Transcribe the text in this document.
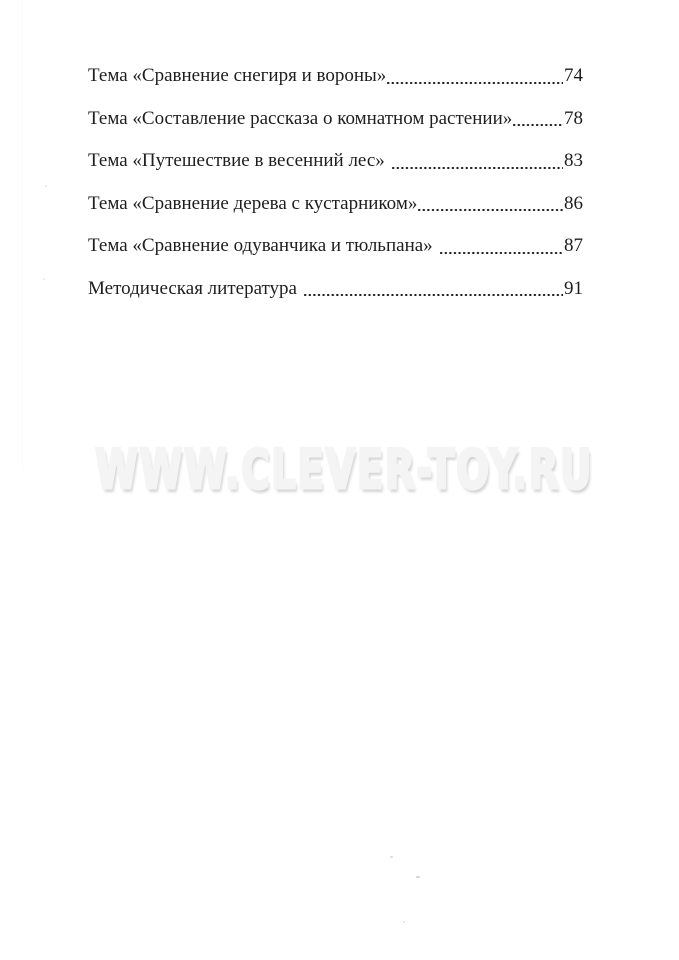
Тема «Сравнение снегиря и вороны»	74
Тема «Составление рассказа о комнатном растении»	78
Тема «Путешествие в весенний лес»	83
Тема «Сравнение дерева с кустарником»	86
Тема «Сравнение одуванчика и тюльпана»	87
Методическая литература	91
WWW.CLEVER-TOY.RU
